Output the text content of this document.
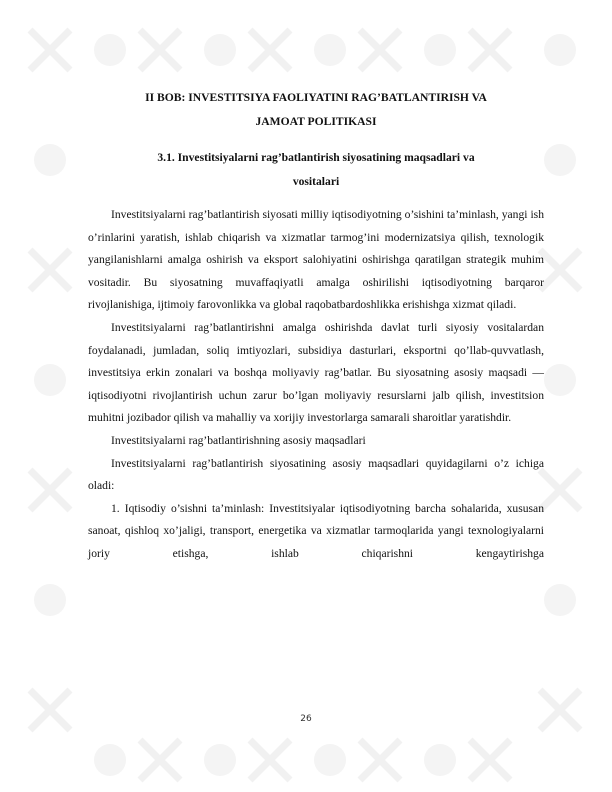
II BOB: INVESTITSIYA FAOLIYATINI RAG’BATLANTIRISH VA
JAMOAT POLITIKASI
3.1. Investitsiyalarni rag’batlantirish siyosatining maqsadlari va
vositalari

Investitsiyalarni rag’batlantirish siyosati milliy iqtisodiyotning o’sishini ta’minlash, yangi ish o’rinlarini yaratish, ishlab chiqarish va xizmatlar tarmog’ini modernizatsiya qilish, texnologik yangilanishlarni amalga oshirish va eksport salohiyatini oshirishga qaratilgan strategik muhim vositadir. Bu siyosatning muvaffaqiyatli amalga oshirilishi iqtisodiyotning barqaror rivojlanishiga, ijtimoiy farovonlikka va global raqobatbardoshlikka erishishga xizmat qiladi.

Investitsiyalarni rag’batlantirishni amalga oshirishda davlat turli siyosiy vositalardan foydalanadi, jumladan, soliq imtiyozlari, subsidiya dasturlari, eksportni qo’llab-quvvatlash, investitsiya erkin zonalari va boshqa moliyaviy rag’batlar. Bu siyosatning asosiy maqsadi — iqtisodiyotni rivojlantirish uchun zarur bo’lgan moliyaviy resurslarni jalb qilish, investitsion muhitni jozibador qilish va mahalliy va xorijiy investorlarga samarali sharoitlar yaratishdir.

Investitsiyalarni rag’batlantirishning asosiy maqsadlari

Investitsiyalarni rag’batlantirish siyosatining asosiy maqsadlari quyidagilarni o’z ichiga oladi:

1. Iqtisodiy o’sishni ta’minlash: Investitsiyalar iqtisodiyotning barcha sohalarida, xususan sanoat, qishloq xo’jaligi, transport, energetika va xizmatlar tarmoqlarida yangi texnologiyalarni joriy etishga, ishlab chiqarishni kengaytirishga

26
